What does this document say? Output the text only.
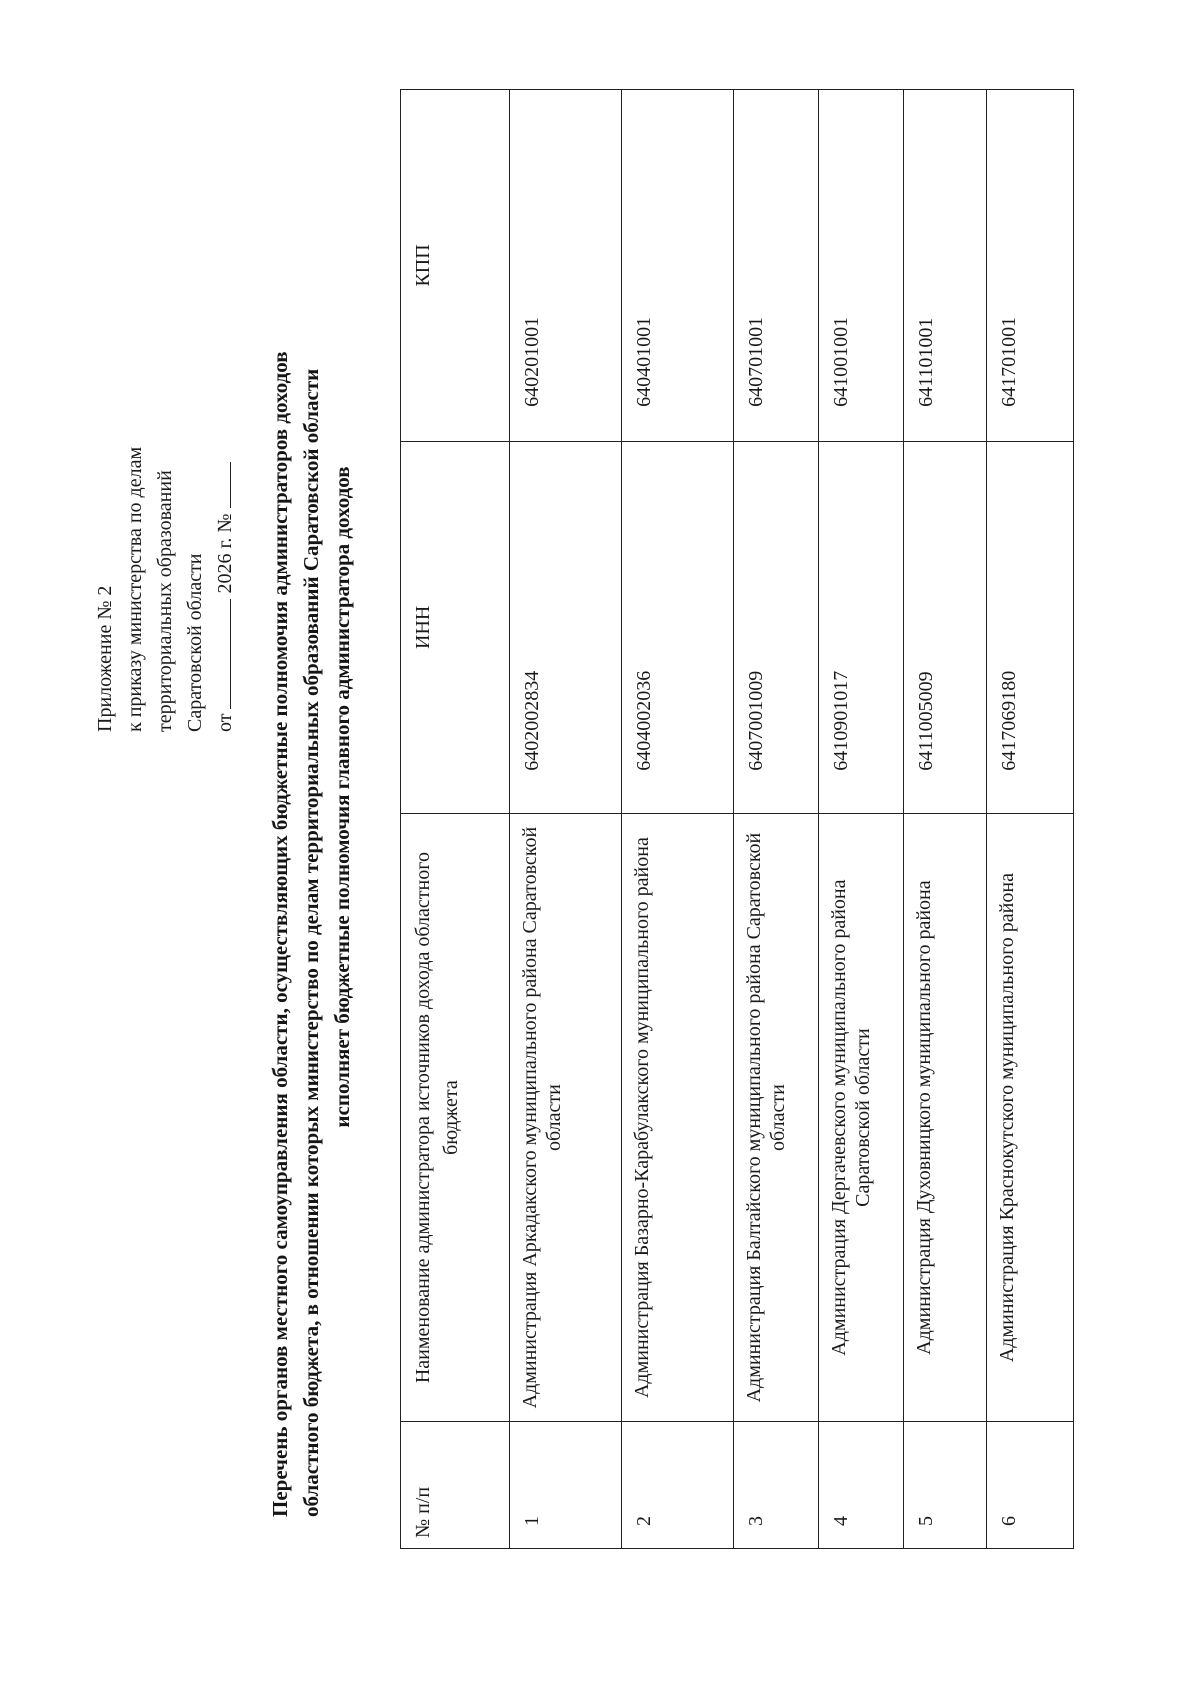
Приложение № 2 к приказу министерства по делам территориальных образований Саратовской области от  2026 г. № Перечень органов местного самоуправления области, осуществляющих бюджетные полномочия администраторов доходов областного бюджета, в отношении которых министерство по делам территориальных образований Саратовской области исполняет бюджетные полномочия главного администратора доходов
№ п/п	Наименование администратора источников дохода областного бюджета	ИНН	КПП

1	Администрация Аркадакского муниципального района Саратовской области	6402002834	640201001

2	Администрация Базарно-Карабулакского муниципального района	6404002036	640401001

3	Администрация Балтайского муниципального района Саратовской области	6407001009	640701001

4	Администрация Дергачевского муниципального района Саратовской области	6410901017	641001001

5	Администрация Духовницкого муниципального района	6411005009	641101001

6	Администрация Краснокутского муниципального района	6417069180	641701001
